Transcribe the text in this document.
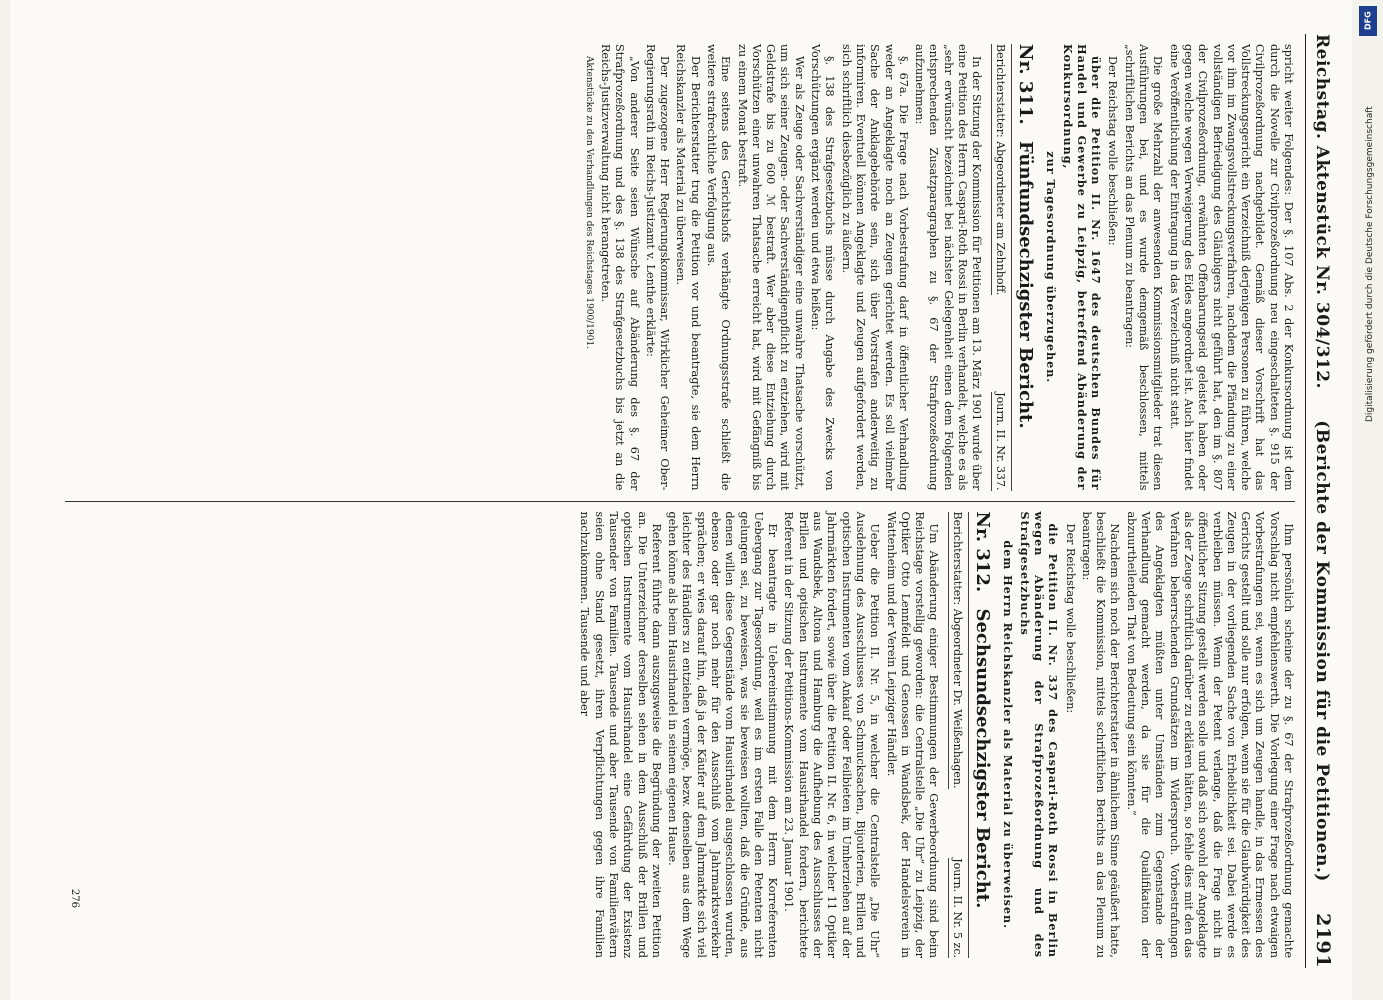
Reichstag. Aktenstück Nr. 304/312.
(Berichte der Kommission für die Petitionen.)
2191

spricht weiter Folgendes: Der §. 107 Abs. 2 der Konkursordnung ist dem durch die Novelle zur Civilprozeßordnung neu eingeschalteten §. 915 der Civilprozeßordnung nachgebildet. Gemäß dieser Vorschrift hat das Vollstreckungsgericht ein Verzeichniß derjenigen Personen zu führen, welche vor ihm im Zwangsvollstreckungsverfahren, nachdem die Pfändung zu einer vollständigen Befriedigung des Gläubigers nicht geführt hat, den im §. 807 der Civilprozeßordnung, erwähnten Offenbarungseid geleistet haben oder gegen welche wegen Verweigerung des Eides angeordnet ist. Auch hier findet eine Veröffentlichung der Eintragung in das Verzeichniß nicht statt.

Die große Mehrzahl der anwesenden Kommissionsmitglieder trat diesen Ausführungen bei, und es wurde demgemäß beschlossen, mittels „schriftlichen Berichts an das Plenum zu beantragen:

Der Reichstag wolle beschließen:

über die Petition II. Nr. 1647 des deutschen Bundes für Handel und Gewerbe zu Leipzig, betreffend Abänderung der Konkursordnung,

zur Tagesordnung überzugehen.

Nr. 311. Fünfundsechzigster Bericht.
Berichterstatter: Abgeordneter am Zehnhoff.
Journ. II. Nr. 337.

In der Sitzung der Kommission für Petitionen am 13. März 1901 wurde über eine Petition des Herrn Caspari-Roth Rossi in Berlin verhandelt, welche es als „sehr erwünscht bezeichnet bei nächster Gelegenheit einen dem Folgenden entsprechenden Zusatzparagraphen zu §. 67 der Strafprozeßordnung aufzunehmen:

§. 67a. Die Frage nach Vorbestrafung darf in öffentlicher Verhandlung weder an Angeklagte noch an Zeugen gerichtet werden. Es soll vielmehr Sache der Anklagebehörde sein, sich über Vorstrafen anderweitig zu informiren. Eventuell können Angeklagte und Zeugen aufgefordert werden, sich schriftlich diesbezüglich zu äußern.

§. 138 des Strafgesetzbuchs müsse durch Angabe des Zwecks von Vorschützungen ergänzt werden und etwa heißen:

Wer als Zeuge oder Sachverständiger eine unwahre Thatsache vorschützt, um sich seiner Zeugen- oder Sachverständigenpflicht zu entziehen, wird mit Geldstrafe bis zu 600 ℳ bestraft. Wer aber diese Entziehung durch Vorschützen einer unwahren Thatsache erreicht hat, wird mit Gefängniß bis zu einem Monat bestraft.

Eine seitens des Gerichtshofs verhängte Ordnungsstrafe schließt die weitere strafrechtliche Verfolgung aus.

Der Berichterstatter trug die Petition vor und beantragte, sie dem Herrn Reichskanzler als Material zu überweisen.

Der zugezogene Herr Regierungskommissar, Wirklicher Geheimer Ober-Regierungsrath im Reichs-Justizamt v. Lenthe erklärte:

„Von anderer Seite seien Wünsche auf Abänderung des §. 67 der Strafprozeßordnung und des §. 138 des Strafgesetzbuchs bis jetzt an die Reichs-Justizverwaltung nicht herangetreten.

Aktenstücke zu den Verhandlungen des Reichstages 1900/1901.

Ihm persönlich scheine der zu §. 67 der Strafprozeßordnung gemachte Vorschlag nicht empfehlenswerth. Die Vorlegung einer Frage nach etwaigen Vorbestrafungen sei, wenn es sich um Zeugen handle, in das Ermessen des Gerichts gestellt und solle nur erfolgen, wenn sie für die Glaubwürdigkeit des Zeugen in der vorliegenden Sache von Erheblichkeit sei. Dabei werde es verbleiben müssen. Wenn der Petent verlange, daß die Frage nicht in öffentlicher Sitzung gestellt werden solle und daß sich sowohl der Angeklagte als der Zeuge schriftlich darüber zu erklären hätten, so fehle dies mit den das Verfahren beherrschenden Grundsätzen im Widerspruch. Vorbestrafungen des Angeklagten müßten unter Umständen zum Gegenstande der Verhandlung gemacht werden, da sie für die Qualifikation der abzuurtheilenden That von Bedeutung sein könnten.“

Nachdem sich noch der Berichterstatter in ähnlichem Sinne geäußert hatte, beschließt die Kommission, mittels schriftlichen Berichts an das Plenum zu beantragen:

Der Reichstag wolle beschließen:

die Petition II. Nr. 337 des Caspari-Roth Rossi in Berlin wegen Abänderung der Strafprozeßordnung und des Strafgesetzbuchs

dem Herrn Reichskanzler als Material zu überweisen.

Nr. 312. Sechsundsechzigster Bericht.
Berichterstatter: Abgeordneter Dr. Weißenhagen.
Journ. II. Nr. 5 zc.

Um Abänderung einiger Bestimmungen der Gewerbeordnung sind beim Reichstage vorstellig geworden: die Centralstelle „Die Uhr“ zu Leipzig, der Optiker Otto Lennfeldt und Genossen in Wandsbek, der Handelsverein in Wattenheim und der Verein Leipziger Händler.

Ueber die Petition II. Nr. 5, in welcher die Centralstelle „Die Uhr“ Ausdehnung des Ausschlusses von Schmucksachen, Bijouterien, Brillen und optischen Instrumenten vom Ankauf oder Feilbieten im Umherziehen auf der Jahrmärkten fordert, sowie über die Petition II. Nr. 6, in welcher 11 Optiker aus Wandsbek, Altona und Hamburg die Aufhebung des Ausschlusses der Brillen und optischen Instrumente vom Hausirhandel fordern, berichtete Referent in der Sitzung der Petitions-Kommission am 23. Januar 1901.

Er beantragte in Uebereinstimmung mit dem Herrn Korreferenten Uebergang zur Tagesordnung, weil es im ersten Falle den Petenten nicht gelungen sei, zu beweisen, was sie beweisen wollten, daß die Gründe, aus denen willen diese Gegenstände vom Hausirhandel ausgeschlossen wurden, ebenso oder gar noch mehr für den Ausschluß vom Jahrmarktsverkehr sprächen; er wies darauf hin, daß ja der Käufer auf dem Jahrmarkte sich viel leichter des Händlers zu entziehen vermöge, bezw. denselben aus dem Wege gehen könne als beim Hausirhandel in seinem eigenen Hause.

Referent führte dann auszugsweise die Begründung der zweiten Petition an. Die Unterzeichner derselben sehen in dem Ausschluß der Brillen und optischen Instrumente vom Hausirhandel eine Gefährdung der Existenz Tausender von Familien. Tausende und aber Tausende von Familienvätern seien ohne Stand gesetzt, ihren Verpflichtungen gegen ihre Familien nachzukommen. Tausende und aber

276
DFG
Digitalisierung gefördert durch die Deutsche Forschungsgemeinschaft
